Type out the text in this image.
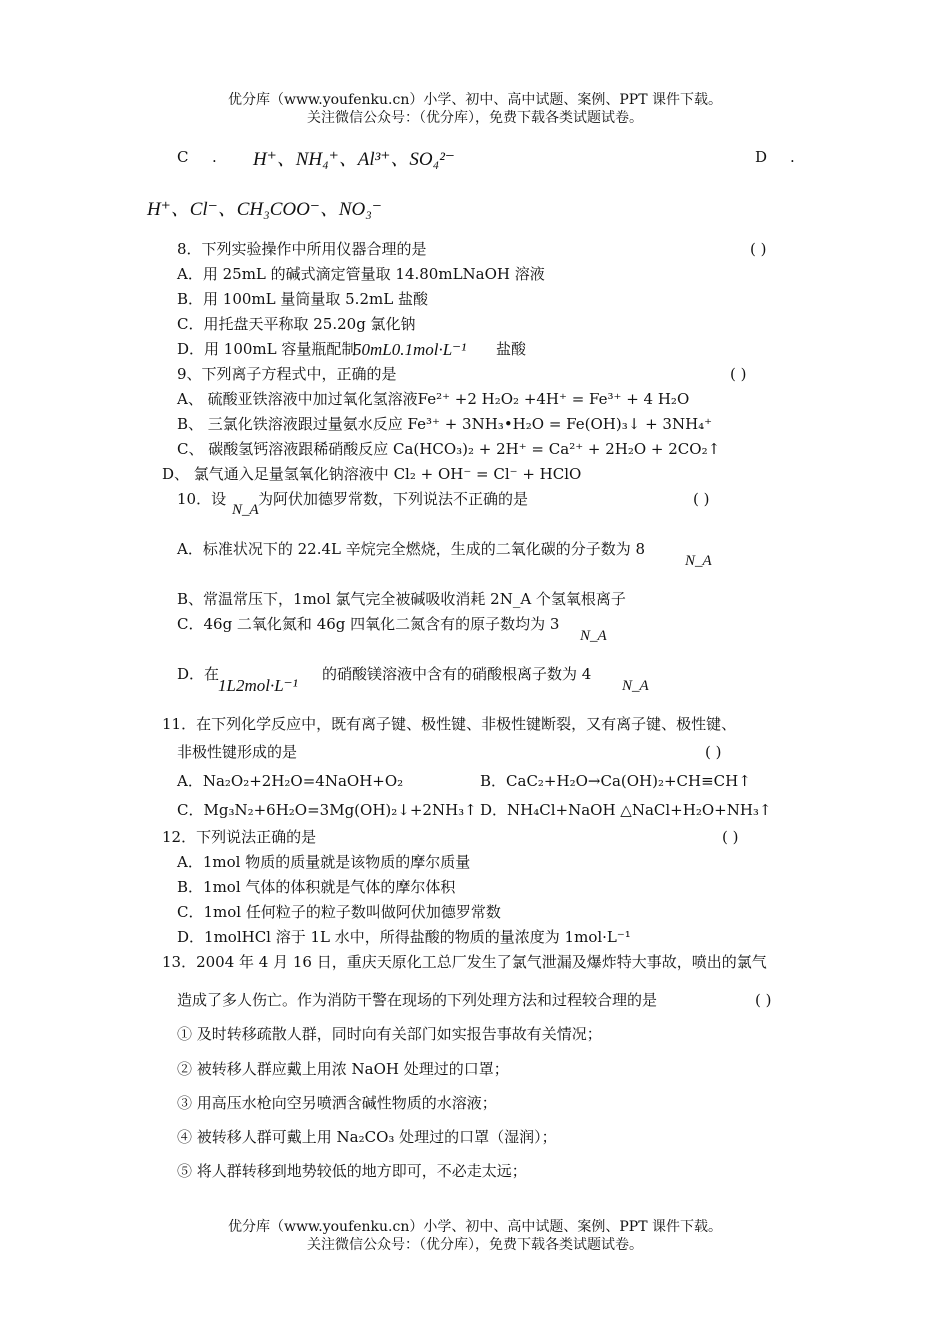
优分库（www.youfenku.cn）小学、初中、高中试题、案例、PPT 课件下载。
关注微信公众号：（优分库），免费下载各类试题试卷。
C . H⁺、NH₄⁺、Al³⁺、SO₄²⁻	D .
H⁺、Cl⁻、CH₃COO⁻、NO₃⁻
8．下列实验操作中所用仪器合理的是	( )
A．用 25mL 的碱式滴定管量取 14.80mLNaOH 溶液
B．用 100mL 量筒量取 5.2mL 盐酸
C．用托盘天平称取 25.20g 氯化钠
D．用 100mL 容量瓶配制
50mL0.1mol·L⁻¹ 盐酸
9、下列离子方程式中，正确的是	( )
A、 硫酸亚铁溶液中加过氧化氢溶液Fe²⁺ +2 H₂O₂ +4H⁺ = Fe³⁺ + 4 H₂O
B、 三氯化铁溶液跟过量氨水反应 Fe³⁺ + 3NH₃•H₂O = Fe(OH)₃↓ + 3NH₄⁺
C、 碳酸氢钙溶液跟稀硝酸反应 Ca(HCO₃)₂ + 2H⁺ = Ca²⁺ + 2H₂O + 2CO₂↑
D、 氯气通入足量氢氧化钠溶液中 Cl₂ + OH⁻ = Cl⁻ + HClO
10．设
N_A
为阿伏加德罗常数，下列说法不正确的是	( )
A．标准状况下的 22.4L 辛烷完全燃烧，生成的二氧化碳的分子数为 8
N_A
B、常温常压下，1mol 氯气完全被碱吸收消耗 2N_A 个氢氧根离子
C．46g 二氧化氮和 46g 四氧化二氮含有的原子数均为 3
N_A
D．在
1L2mol·L⁻¹
的硝酸镁溶液中含有的硝酸根离子数为 4
N_A
11．在下列化学反应中，既有离子键、极性键、非极性键断裂，又有离子键、极性键、
非极性键形成的是	( )
A．Na₂O₂+2H₂O=4NaOH+O₂	B．CaC₂+H₂O→Ca(OH)₂+CH≡CH↑
C．Mg₃N₂+6H₂O=3Mg(OH)₂↓+2NH₃↑ D．NH₄Cl+NaOH △NaCl+H₂O+NH₃↑
12．下列说法正确的是	( )
A．1mol 物质的质量就是该物质的摩尔质量
B．1mol 气体的体积就是气体的摩尔体积
C．1mol 任何粒子的粒子数叫做阿伏加德罗常数
D．1molHCl 溶于 1L 水中，所得盐酸的物质的量浓度为 1mol·L⁻¹
13．2004 年 4 月 16 日，重庆天原化工总厂发生了氯气泄漏及爆炸特大事故，喷出的氯气
造成了多人伤亡。作为消防干警在现场的下列处理方法和过程较合理的是	( )
① 及时转移疏散人群，同时向有关部门如实报告事故有关情况；
② 被转移人群应戴上用浓 NaOH 处理过的口罩；
③ 用高压水枪向空另喷洒含碱性物质的水溶液；
④ 被转移人群可戴上用 Na₂CO₃ 处理过的口罩（湿润）；
⑤ 将人群转移到地势较低的地方即可，不必走太远；
优分库（www.youfenku.cn）小学、初中、高中试题、案例、PPT 课件下载。
关注微信公众号：（优分库），免费下载各类试题试卷。
